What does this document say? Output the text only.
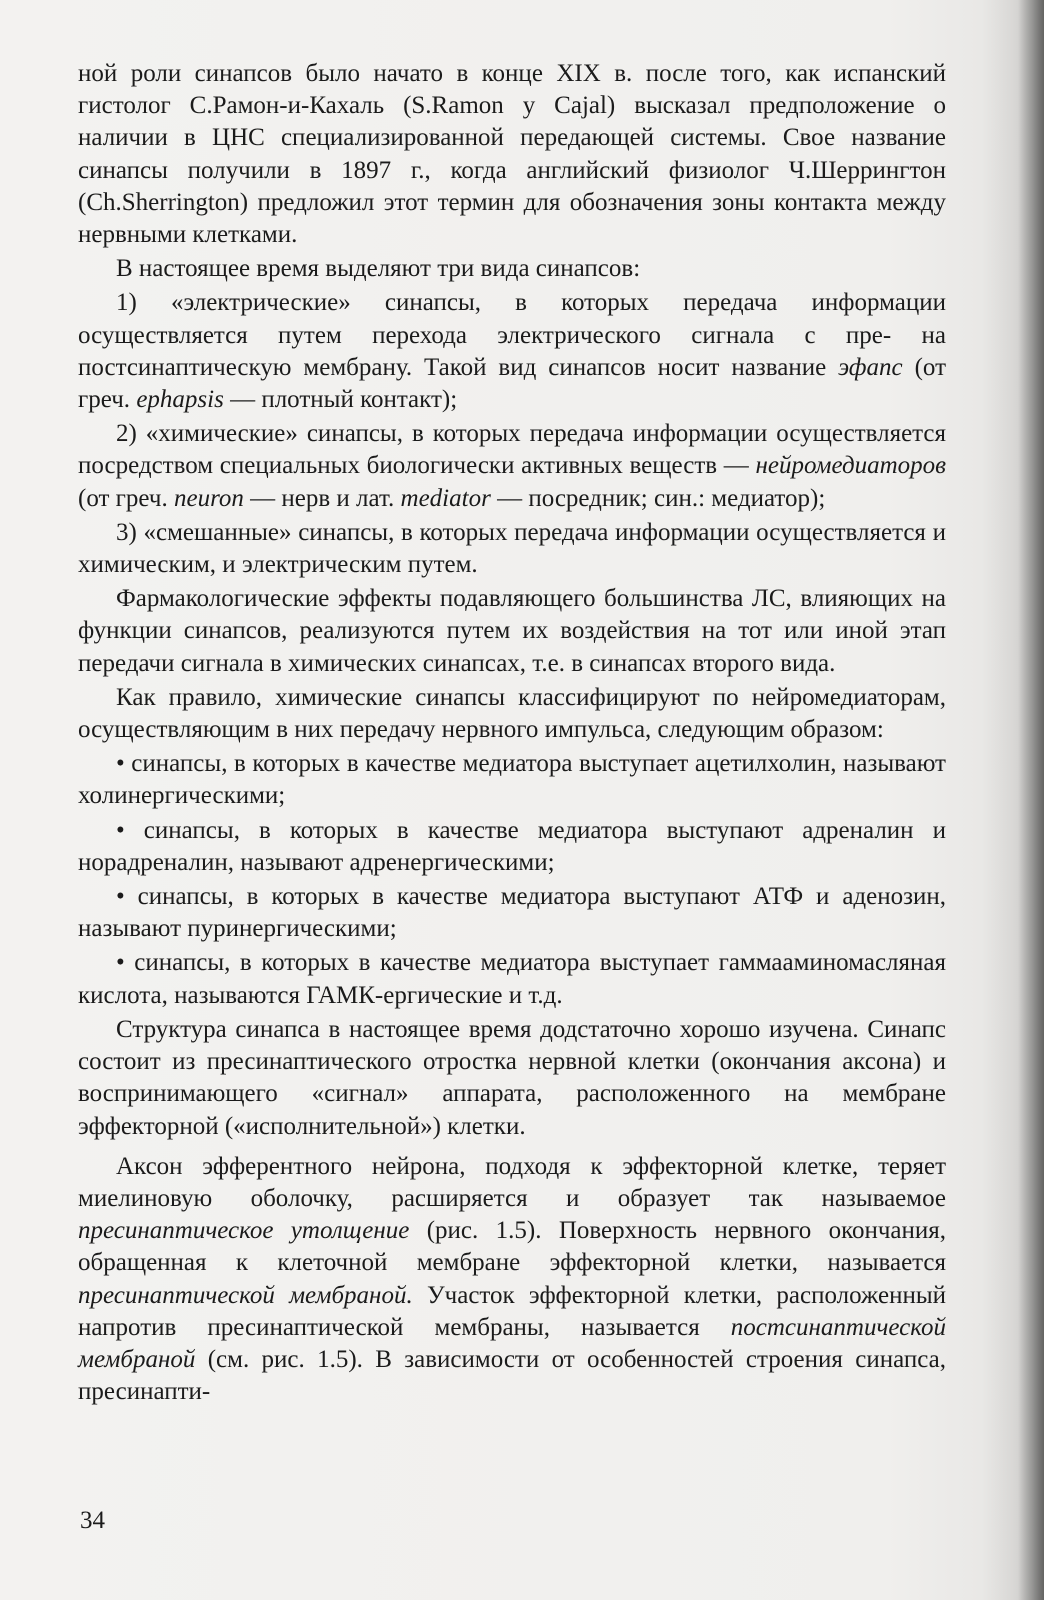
ной роли синапсов было начато в конце XIX в. после того, как испанский гистолог С.Рамон-и-Кахаль (S.Ramon у Cajal) высказал предположение о наличии в ЦНС специализированной передающей системы. Свое название синапсы получили в 1897 г., когда английский физиолог Ч.Шеррингтон (Ch.Sherrington) предложил этот термин для обозначения зоны контакта между нервными клетками.

В настоящее время выделяют три вида синапсов:

1) «электрические» синапсы, в которых передача информации осуществляется путем перехода электрического сигнала с пре- на постсинаптическую мембрану. Такой вид синапсов носит название эфапс (от греч. ephapsis — плотный контакт);

2) «химические» синапсы, в которых передача информации осуществляется посредством специальных биологически активных веществ — нейромедиаторов (от греч. neuron — нерв и лат. mediator — посредник; син.: медиатор);

3) «смешанные» синапсы, в которых передача информации осуществляется и химическим, и электрическим путем.

Фармакологические эффекты подавляющего большинства ЛС, влияющих на функции синапсов, реализуются путем их воздействия на тот или иной этап передачи сигнала в химических синапсах, т.е. в синапсах второго вида.

Как правило, химические синапсы классифицируют по нейромедиаторам, осуществляющим в них передачу нервного импульса, следующим образом:

• синапсы, в которых в качестве медиатора выступает ацетилхолин, называют холинергическими;

• синапсы, в которых в качестве медиатора выступают адреналин и норадреналин, называют адренергическими;

• синапсы, в которых в качестве медиатора выступают АТФ и аденозин, называют пуринергическими;

• синапсы, в которых в качестве медиатора выступает гаммааминомасляная кислота, называются ГАМК-ергические и т.д.

Структура синапса в настоящее время додстаточно хорошо изучена. Синапс состоит из пресинаптического отростка нервной клетки (окончания аксона) и воспринимающего «сигнал» аппарата, расположенного на мембране эффекторной («исполнительной») клетки.

Аксон эфферентного нейрона, подходя к эффекторной клетке, теряет миелиновую оболочку, расширяется и образует так называемое пресинаптическое утолщение (рис. 1.5). Поверхность нервного окончания, обращенная к клеточной мембране эффекторной клетки, называется пресинаптической мембраной. Участок эффекторной клетки, расположенный напротив пресинаптической мембраны, называется постсинаптической мембраной (см. рис. 1.5). В зависимости от особенностей строения синапса, пресинапти-

34
